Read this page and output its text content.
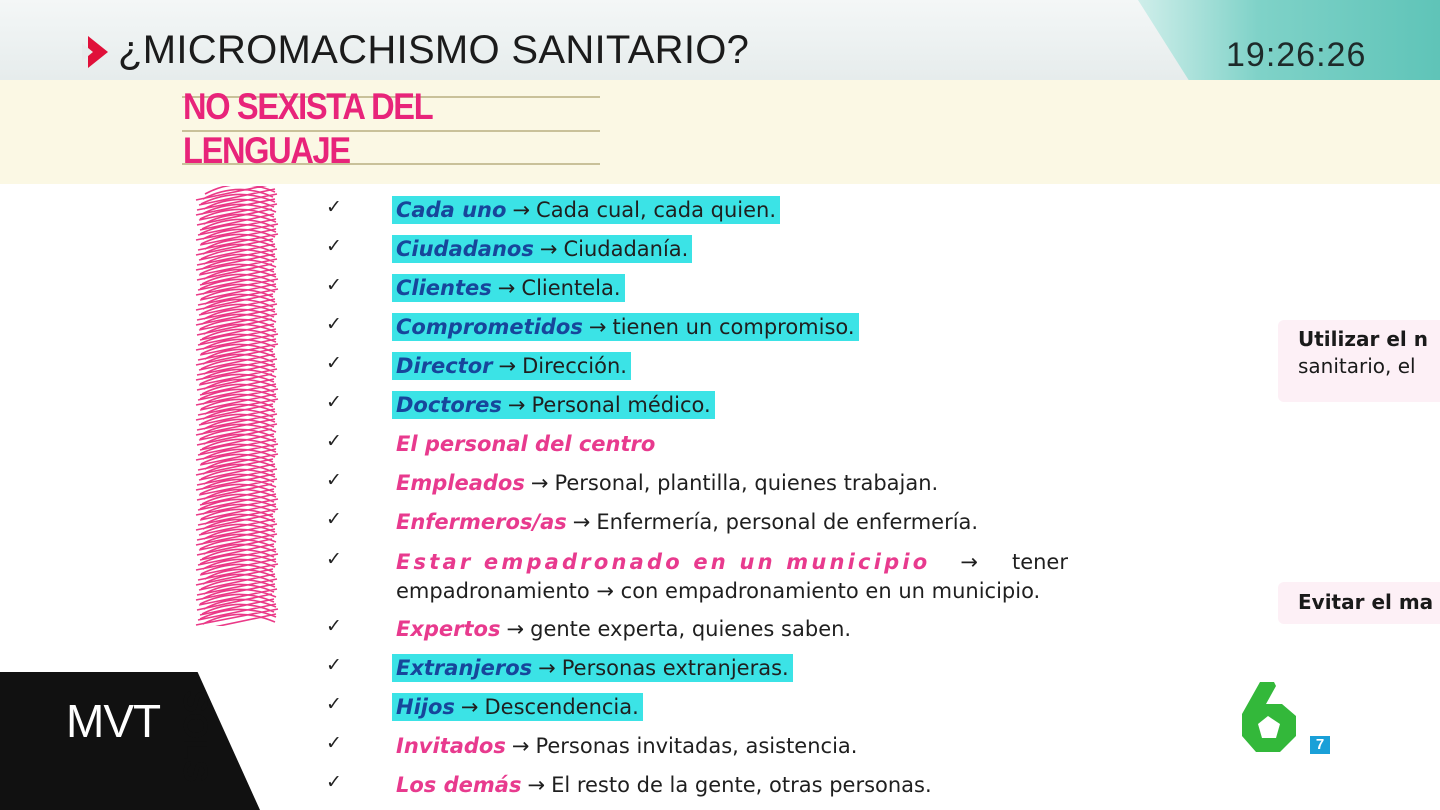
¿MICROMACHISMO SANITARIO?	19:26:26
NO SEXISTA DEL
LENGUAJE
✓	Cada uno → Cada cual, cada quien.
✓	Ciudadanos → Ciudadanía.
✓	Clientes → Clientela.
✓	Comprometidos → tienen un compromiso.
✓	Director → Dirección.
✓	Doctores → Personal médico.
✓	El personal del centro
✓	Empleados → Personal, plantilla, quienes trabajan.
✓	Enfermeros/as → Enfermería, personal de enfermería.
✓	Estar empadronado en un municipio → tener
empadronamiento → con empadronamiento en un municipio.
✓	Expertos → gente experta, quienes saben.
✓	Extranjeros → Personas extranjeras.
✓	Hijos → Descendencia.
✓	Invitados → Personas invitadas, asistencia.
✓	Los demás → El resto de la gente, otras personas.
Utilizar el n
sanitario, el
Evitar el ma
MVT SOLS	7
